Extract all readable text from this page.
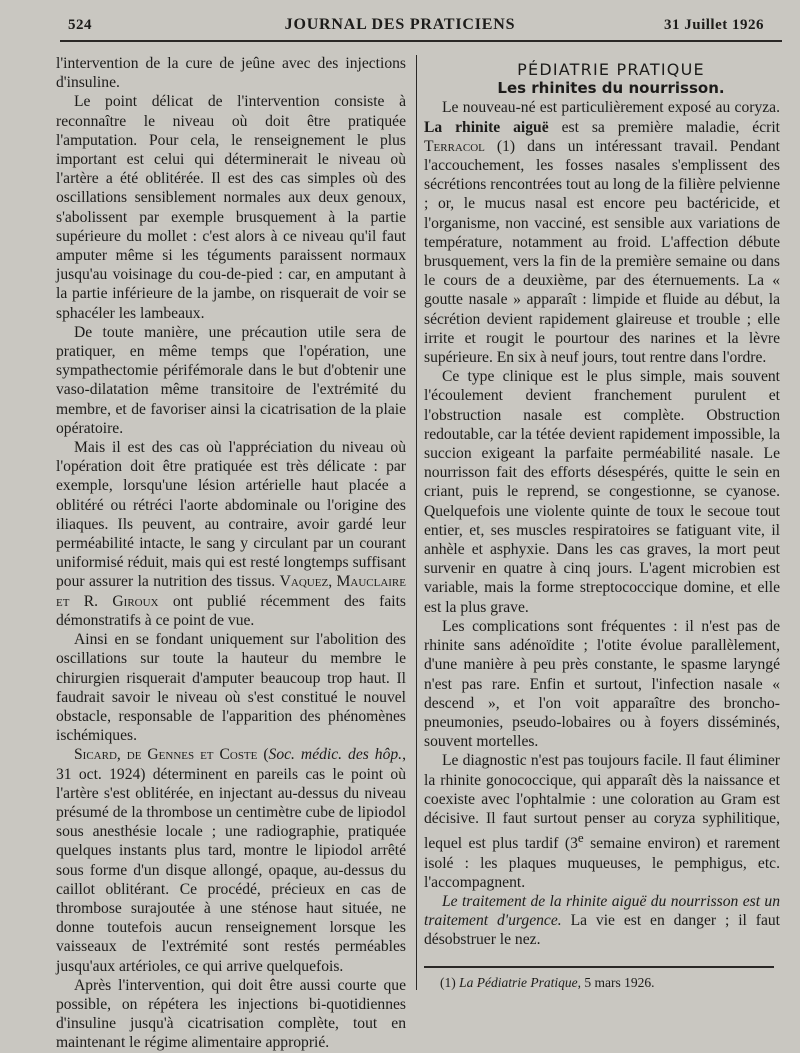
524	JOURNAL DES PRATICIENS	31 Juillet 1926

l'intervention de la cure de jeûne avec des injections d'insuline.

Le point délicat de l'intervention consiste à reconnaître le niveau où doit être pratiquée l'amputation. Pour cela, le renseignement le plus important est celui qui déterminerait le niveau où l'artère a été oblitérée. Il est des cas simples où des oscillations sensiblement normales aux deux genoux, s'abolissent par exemple brusquement à la partie supérieure du mollet : c'est alors à ce niveau qu'il faut amputer même si les téguments paraissent normaux jusqu'au voisinage du cou-de-pied : car, en amputant à la partie inférieure de la jambe, on risquerait de voir se sphacéler les lambeaux.

De toute manière, une précaution utile sera de pratiquer, en même temps que l'opération, une sympathectomie périfémorale dans le but d'obtenir une vaso-dilatation même transitoire de l'extrémité du membre, et de favoriser ainsi la cicatrisation de la plaie opératoire.

Mais il est des cas où l'appréciation du niveau où l'opération doit être pratiquée est très délicate : par exemple, lorsqu'une lésion artérielle haut placée a oblitéré ou rétréci l'aorte abdominale ou l'origine des iliaques. Ils peuvent, au contraire, avoir gardé leur perméabilité intacte, le sang y circulant par un courant uniformisé réduit, mais qui est resté longtemps suffisant pour assurer la nutrition des tissus. Vaquez, Mauclaire et R. Giroux ont publié récemment des faits démonstratifs à ce point de vue.

Ainsi en se fondant uniquement sur l'abolition des oscillations sur toute la hauteur du membre le chirurgien risquerait d'amputer beaucoup trop haut. Il faudrait savoir le niveau où s'est constitué le nouvel obstacle, responsable de l'apparition des phénomènes ischémiques.

Sicard, de Gennes et Coste (Soc. médic. des hôp., 31 oct. 1924) déterminent en pareils cas le point où l'artère s'est oblitérée, en injectant au-dessus du niveau présumé de la thrombose un centimètre cube de lipiodol sous anesthésie locale ; une radiographie, pratiquée quelques instants plus tard, montre le lipiodol arrêté sous forme d'un disque allongé, opaque, au-dessus du caillot oblitérant. Ce procédé, précieux en cas de thrombose surajoutée à une sténose haut située, ne donne toutefois aucun renseignement lorsque les vaisseaux de l'extrémité sont restés perméables jusqu'aux artérioles, ce qui arrive quelquefois.

Après l'intervention, qui doit être aussi courte que possible, on répétera les injections bi-quotidiennes d'insuline jusqu'à cicatrisation complète, tout en maintenant le régime alimentaire approprié.

PÉDIATRIE PRATIQUE

Les rhinites du nourrisson.

Le nouveau-né est particulièrement exposé au coryza. La rhinite aiguë est sa première maladie, écrit Terracol (1) dans un intéressant travail. Pendant l'accouchement, les fosses nasales s'emplissent des sécrétions rencontrées tout au long de la filière pelvienne ; or, le mucus nasal est encore peu bactéricide, et l'organisme, non vacciné, est sensible aux variations de température, notamment au froid. L'affection débute brusquement, vers la fin de la première semaine ou dans le cours de a deuxième, par des éternuements. La « goutte nasale » apparaît : limpide et fluide au début, la sécrétion devient rapidement glaireuse et trouble ; elle irrite et rougit le pourtour des narines et la lèvre supérieure. En six à neuf jours, tout rentre dans l'ordre.

Ce type clinique est le plus simple, mais souvent l'écoulement devient franchement purulent et l'obstruction nasale est complète. Obstruction redoutable, car la tétée devient rapidement impossible, la succion exigeant la parfaite perméabilité nasale. Le nourrisson fait des efforts désespérés, quitte le sein en criant, puis le reprend, se congestionne, se cyanose. Quelquefois une violente quinte de toux le secoue tout entier, et, ses muscles respiratoires se fatiguant vite, il anhèle et asphyxie. Dans les cas graves, la mort peut survenir en quatre à cinq jours. L'agent microbien est variable, mais la forme streptococcique domine, et elle est la plus grave.

Les complications sont fréquentes : il n'est pas de rhinite sans adénoïdite ; l'otite évolue parallèlement, d'une manière à peu près constante, le spasme laryngé n'est pas rare. Enfin et surtout, l'infection nasale « descend », et l'on voit apparaître des broncho-pneumonies, pseudo-lobaires ou à foyers disséminés, souvent mortelles.

Le diagnostic n'est pas toujours facile. Il faut éliminer la rhinite gonococcique, qui apparaît dès la naissance et coexiste avec l'ophtalmie : une coloration au Gram est décisive. Il faut surtout penser au coryza syphilitique, lequel est plus tardif (3e semaine environ) et rarement isolé : les plaques muqueuses, le pemphigus, etc. l'accompagnent.

Le traitement de la rhinite aiguë du nourrisson est un traitement d'urgence. La vie est en danger ; il faut désobstruer le nez.

(1) La Pédiatrie Pratique, 5 mars 1926.
